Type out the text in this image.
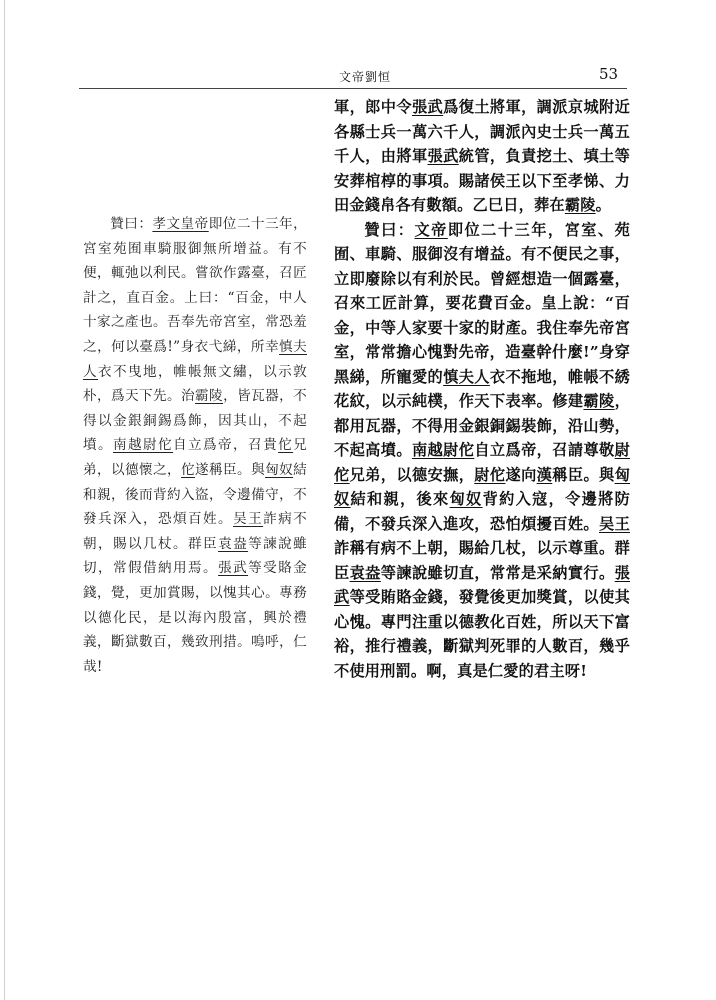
文帝劉恒	53

贊曰：孝文皇帝即位二十三年，宮室苑囿車騎服御無所增益。有不便，輒弛以利民。嘗欲作露臺，召匠計之，直百金。上曰：“百金，中人十家之產也。吾奉先帝宮室，常恐羞之，何以臺爲!”身衣弋綈，所幸慎夫人衣不曳地，帷帳無文繡，以示敦朴，爲天下先。治霸陵，皆瓦器，不得以金銀銅錫爲飾，因其山，不起墳。南越尉佗自立爲帝，召貴佗兄弟，以德懷之，佗遂稱臣。與匈奴結和親，後而背約入盜，令邊備守，不發兵深入，恐煩百姓。吴王詐病不朝，賜以几杖。群臣袁盎等諫說雖切，常假借納用焉。張武等受賂金錢，覺，更加賞賜，以愧其心。專務以德化民，是以海內殷富，興於禮義，斷獄數百，幾致刑措。嗚呼，仁哉!

軍，郎中令張武爲復土將軍，調派京城附近各縣士兵一萬六千人，調派內史士兵一萬五千人，由將軍張武統管，負責挖土、填土等安葬棺椁的事項。賜諸侯王以下至孝悌、力田金錢帛各有數額。乙巳日，葬在霸陵。

贊曰：文帝即位二十三年，宮室、苑囿、車騎、服御沒有增益。有不便民之事，立即廢除以有利於民。曾經想造一個露臺，召來工匠計算，要花費百金。皇上說：“百金，中等人家要十家的財產。我住奉先帝宮室，常常擔心愧對先帝，造臺幹什麼!”身穿黑綈，所寵愛的慎夫人衣不拖地，帷帳不綉花紋，以示純樸，作天下表率。修建霸陵，都用瓦器，不得用金銀銅錫裝飾，沿山勢，不起高墳。南越尉佗自立爲帝，召請尊敬尉佗兄弟，以德安撫，尉佗遂向漢稱臣。與匈奴結和親，後來匈奴背約入寇，令邊將防備，不發兵深入進攻，恐怕煩擾百姓。吴王詐稱有病不上朝，賜給几杖，以示尊重。群臣袁盎等諫說雖切直，常常是采納實行。張武等受賄賂金錢，發覺後更加獎賞，以使其心愧。專門注重以德教化百姓，所以天下富裕，推行禮義，斷獄判死罪的人數百，幾乎不使用刑罰。啊，真是仁愛的君主呀!
